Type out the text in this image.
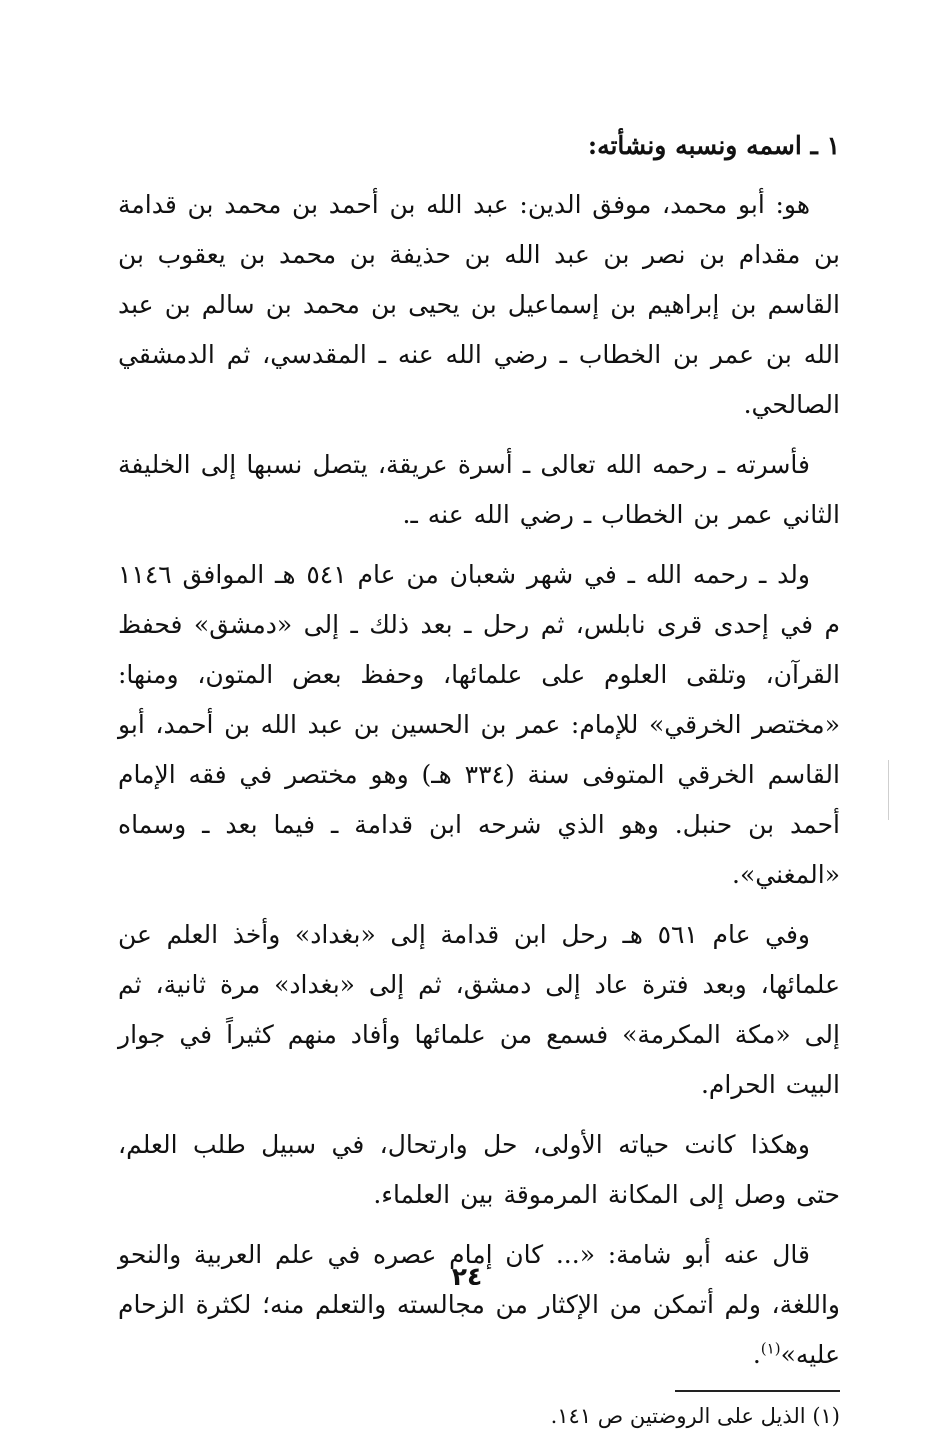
١ ـ اسمه ونسبه ونشأته:

هو: أبو محمد، موفق الدين: عبد الله بن أحمد بن محمد بن قدامة بن مقدام بن نصر بن عبد الله بن حذيفة بن محمد بن يعقوب بن القاسم بن إبراهيم بن إسماعيل بن يحيى بن محمد بن سالم بن عبد الله بن عمر بن الخطاب ـ رضي الله عنه ـ المقدسي، ثم الدمشقي الصالحي.

فأسرته ـ رحمه الله تعالى ـ أسرة عريقة، يتصل نسبها إلى الخليفة الثاني عمر بن الخطاب ـ رضي الله عنه ـ.

ولد ـ رحمه الله ـ في شهر شعبان من عام ٥٤١ هـ الموافق ١١٤٦ م في إحدى قرى نابلس، ثم رحل ـ بعد ذلك ـ إلى «دمشق» فحفظ القرآن، وتلقى العلوم على علمائها، وحفظ بعض المتون، ومنها: «مختصر الخرقي» للإمام: عمر بن الحسين بن عبد الله بن أحمد، أبو القاسم الخرقي المتوفى سنة (٣٣٤ هـ) وهو مختصر في فقه الإمام أحمد بن حنبل. وهو الذي شرحه ابن قدامة ـ فيما بعد ـ وسماه «المغني».

وفي عام ٥٦١ هـ رحل ابن قدامة إلى «بغداد» وأخذ العلم عن علمائها، وبعد فترة عاد إلى دمشق، ثم إلى «بغداد» مرة ثانية، ثم إلى «مكة المكرمة» فسمع من علمائها وأفاد منهم كثيراً في جوار البيت الحرام.

وهكذا كانت حياته الأولى، حل وارتحال، في سبيل طلب العلم، حتى وصل إلى المكانة المرموقة بين العلماء.

قال عنه أبو شامة: «... كان إمام عصره في علم العربية والنحو واللغة، ولم أتمكن من الإكثار من مجالسته والتعلم منه؛ لكثرة الزحام عليه»$^{(١)}$.

(١) الذيل على الروضتين ص ١٤١.

٢٤
